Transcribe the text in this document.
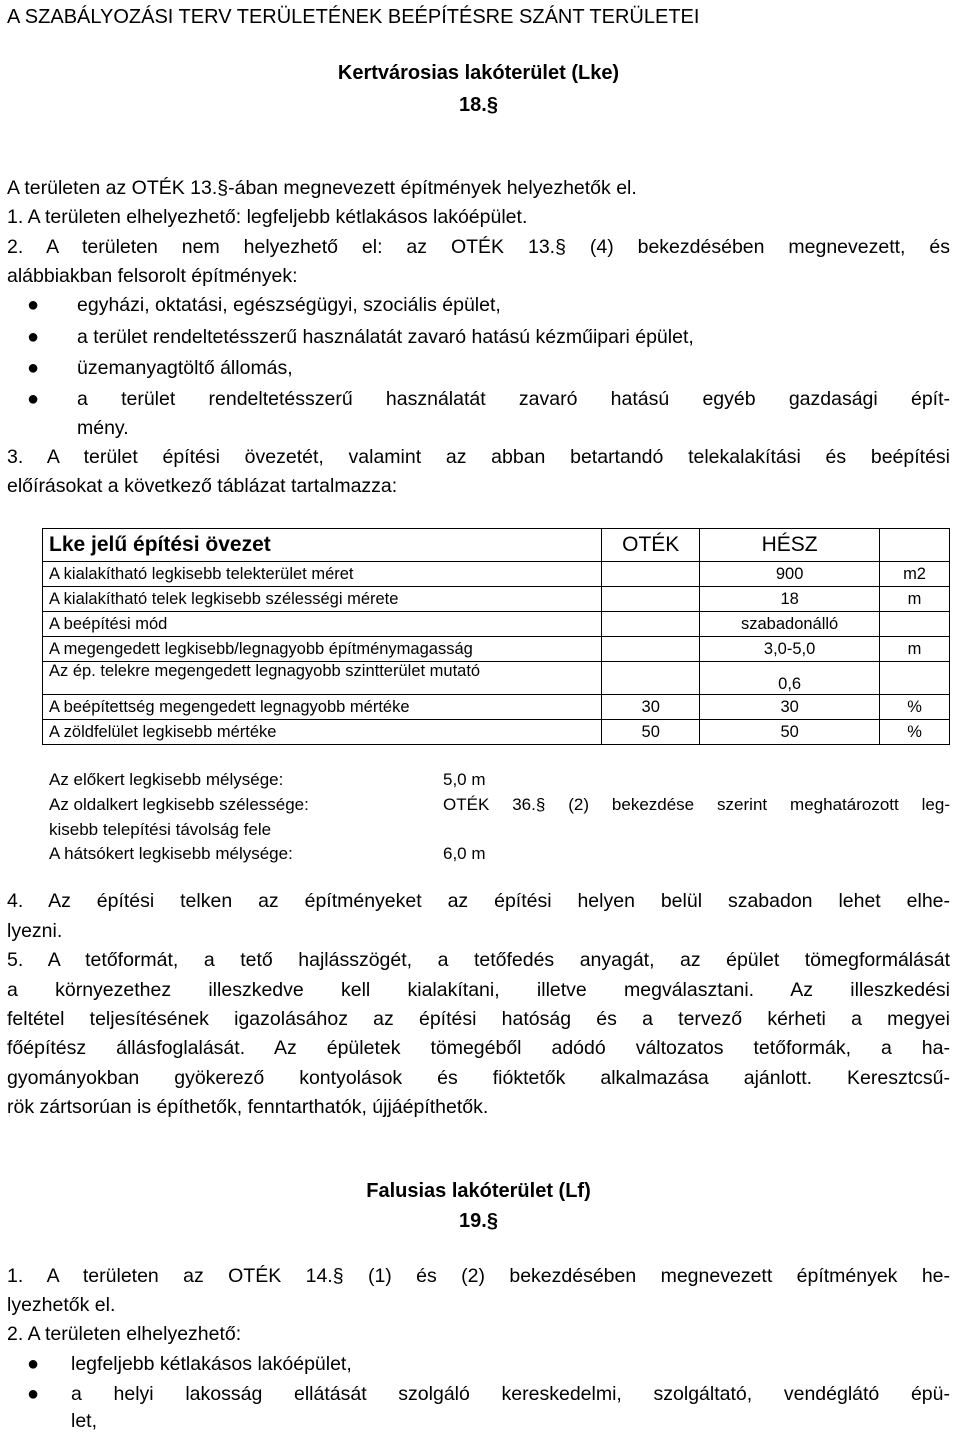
A SZABÁLYOZÁSI TERV TERÜLETÉNEK BEÉPÍTÉSRE SZÁNT TERÜLETEI
Kertvárosias lakóterület (Lke)
18.§
A területen az OTÉK 13.§-ában megnevezett építmények helyezhetők el.
1. A területen elhelyezhető: legfeljebb kétlakásos lakóépület.
2. A területen nem helyezhető el: az OTÉK 13.§ (4) bekezdésében megnevezett, és
alábbiakban felsorolt építmények:
● egyházi, oktatási, egészségügyi, szociális épület,
● a terület rendeltetésszerű használatát zavaró hatású kézműipari épület,
● üzemanyagtöltő állomás,
● a terület rendeltetésszerű használatát zavaró hatású egyéb gazdasági épít-
mény.
3. A terület építési övezetét, valamint az abban betartandó telekalakítási és beépítési
előírásokat a következő táblázat tartalmazza:
Lke jelű építési övezet	OTÉK	HÉSZ	
A kialakítható legkisebb telekterület méret		900	m2
A kialakítható telek legkisebb szélességi mérete		18	m
A beépítési mód		szabadonálló	
A megengedett legkisebb/legnagyobb építménymagasság		3,0-5,0	m
Az ép. telekre megengedett legnagyobb szintterület mutató		0,6	
A beépítettség megengedett legnagyobb mértéke	30	30	%
A zöldfelület legkisebb mértéke	50	50	%
Az előkert legkisebb mélysége:	5,0 m
Az oldalkert legkisebb szélessége:	OTÉK 36.§ (2) bekezdése szerint meghatározott leg-
kisebb telepítési távolság fele
A hátsókert legkisebb mélysége:	6,0 m
4. Az építési telken az építményeket az építési helyen belül szabadon lehet elhe-
lyezni.
5. A tetőformát, a tető hajlásszögét, a tetőfedés anyagát, az épület tömegformálását
a környezethez illeszkedve kell kialakítani, illetve megválasztani. Az illeszkedési
feltétel teljesítésének igazolásához az építési hatóság és a tervező kérheti a megyei
főépítész állásfoglalását. Az épületek tömegéből adódó változatos tetőformák, a ha-
gyományokban gyökerező kontyolások és fióktetők alkalmazása ajánlott. Keresztcsű-
rök zártsorúan is építhetők, fenntarthatók, újjáépíthetők.
Falusias lakóterület (Lf)
19.§
1. A területen az OTÉK 14.§ (1) és (2) bekezdésében megnevezett építmények he-
lyezhetők el.
2. A területen elhelyezhető:
● legfeljebb kétlakásos lakóépület,
● a helyi lakosság ellátását szolgáló kereskedelmi, szolgáltató, vendéglátó épü-
let,
